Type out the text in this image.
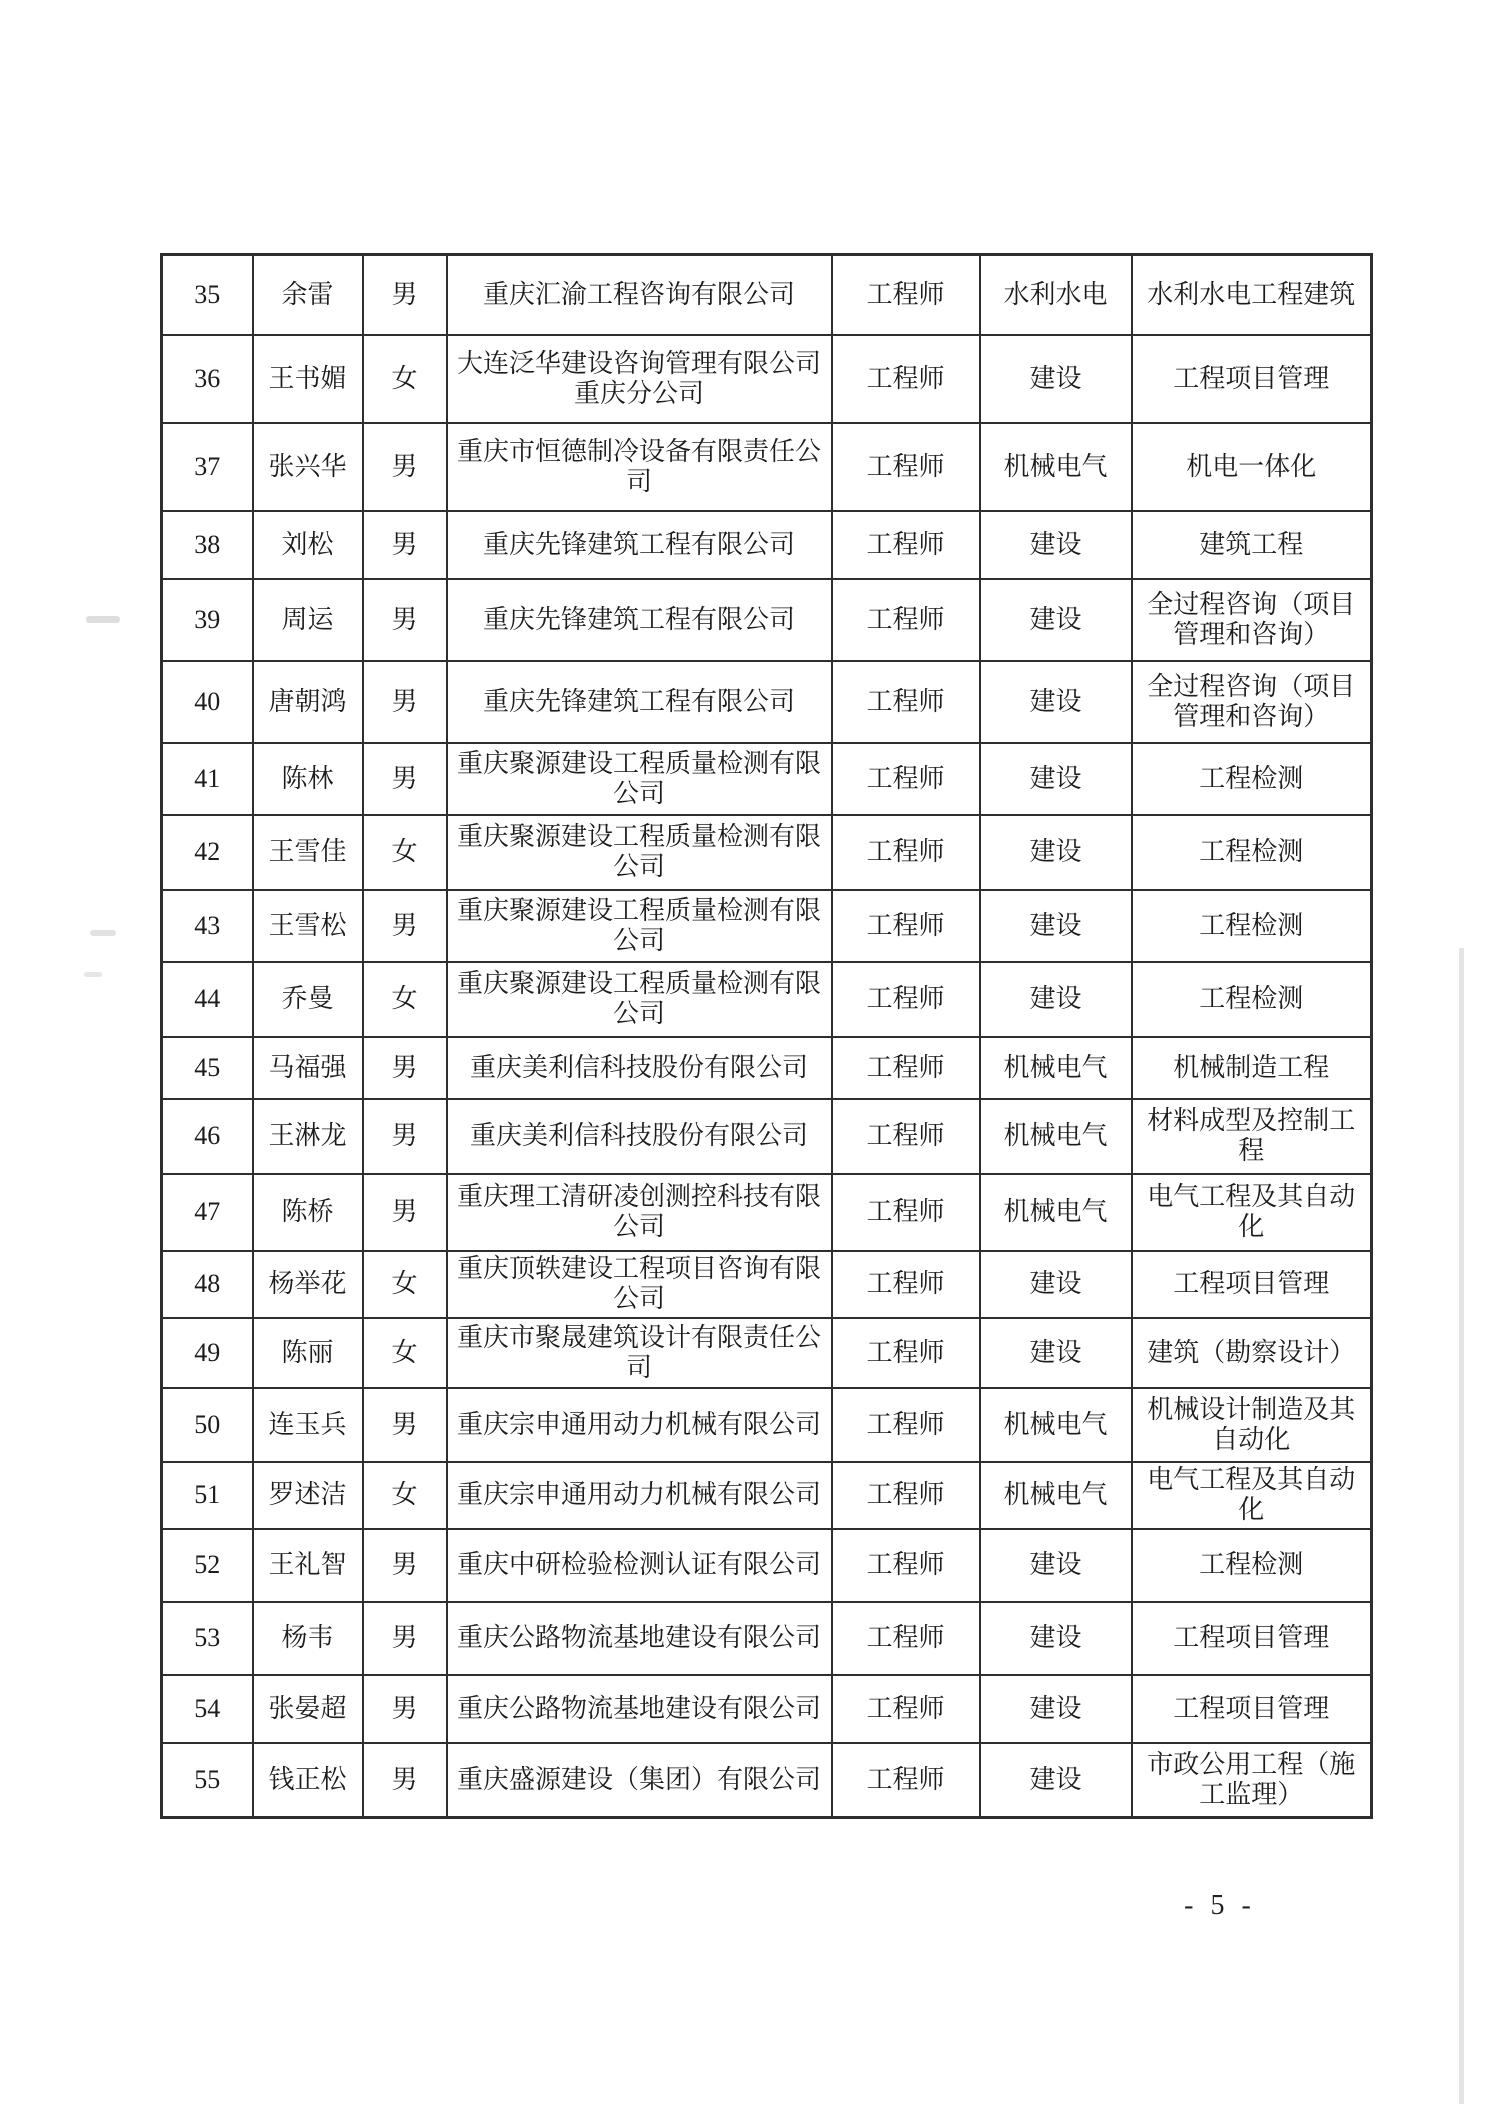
35	余雷	男	重庆汇渝工程咨询有限公司	工程师	水利水电	水利水电工程建筑
36	王书媚	女	大连泛华建设咨询管理有限公司重庆分公司	工程师	建设	工程项目管理
37	张兴华	男	重庆市恒德制冷设备有限责任公司	工程师	机械电气	机电一体化
38	刘松	男	重庆先锋建筑工程有限公司	工程师	建设	建筑工程
39	周运	男	重庆先锋建筑工程有限公司	工程师	建设	全过程咨询（项目管理和咨询）
40	唐朝鸿	男	重庆先锋建筑工程有限公司	工程师	建设	全过程咨询（项目管理和咨询）
41	陈林	男	重庆聚源建设工程质量检测有限公司	工程师	建设	工程检测
42	王雪佳	女	重庆聚源建设工程质量检测有限公司	工程师	建设	工程检测
43	王雪松	男	重庆聚源建设工程质量检测有限公司	工程师	建设	工程检测
44	乔曼	女	重庆聚源建设工程质量检测有限公司	工程师	建设	工程检测
45	马福强	男	重庆美利信科技股份有限公司	工程师	机械电气	机械制造工程
46	王淋龙	男	重庆美利信科技股份有限公司	工程师	机械电气	材料成型及控制工程
47	陈桥	男	重庆理工清研凌创测控科技有限公司	工程师	机械电气	电气工程及其自动化
48	杨举花	女	重庆顶轶建设工程项目咨询有限公司	工程师	建设	工程项目管理
49	陈丽	女	重庆市聚晟建筑设计有限责任公司	工程师	建设	建筑（勘察设计）
50	连玉兵	男	重庆宗申通用动力机械有限公司	工程师	机械电气	机械设计制造及其自动化
51	罗述洁	女	重庆宗申通用动力机械有限公司	工程师	机械电气	电气工程及其自动化
52	王礼智	男	重庆中研检验检测认证有限公司	工程师	建设	工程检测
53	杨韦	男	重庆公路物流基地建设有限公司	工程师	建设	工程项目管理
54	张晏超	男	重庆公路物流基地建设有限公司	工程师	建设	工程项目管理
55	钱正松	男	重庆盛源建设（集团）有限公司	工程师	建设	市政公用工程（施工监理）
- 5 -
